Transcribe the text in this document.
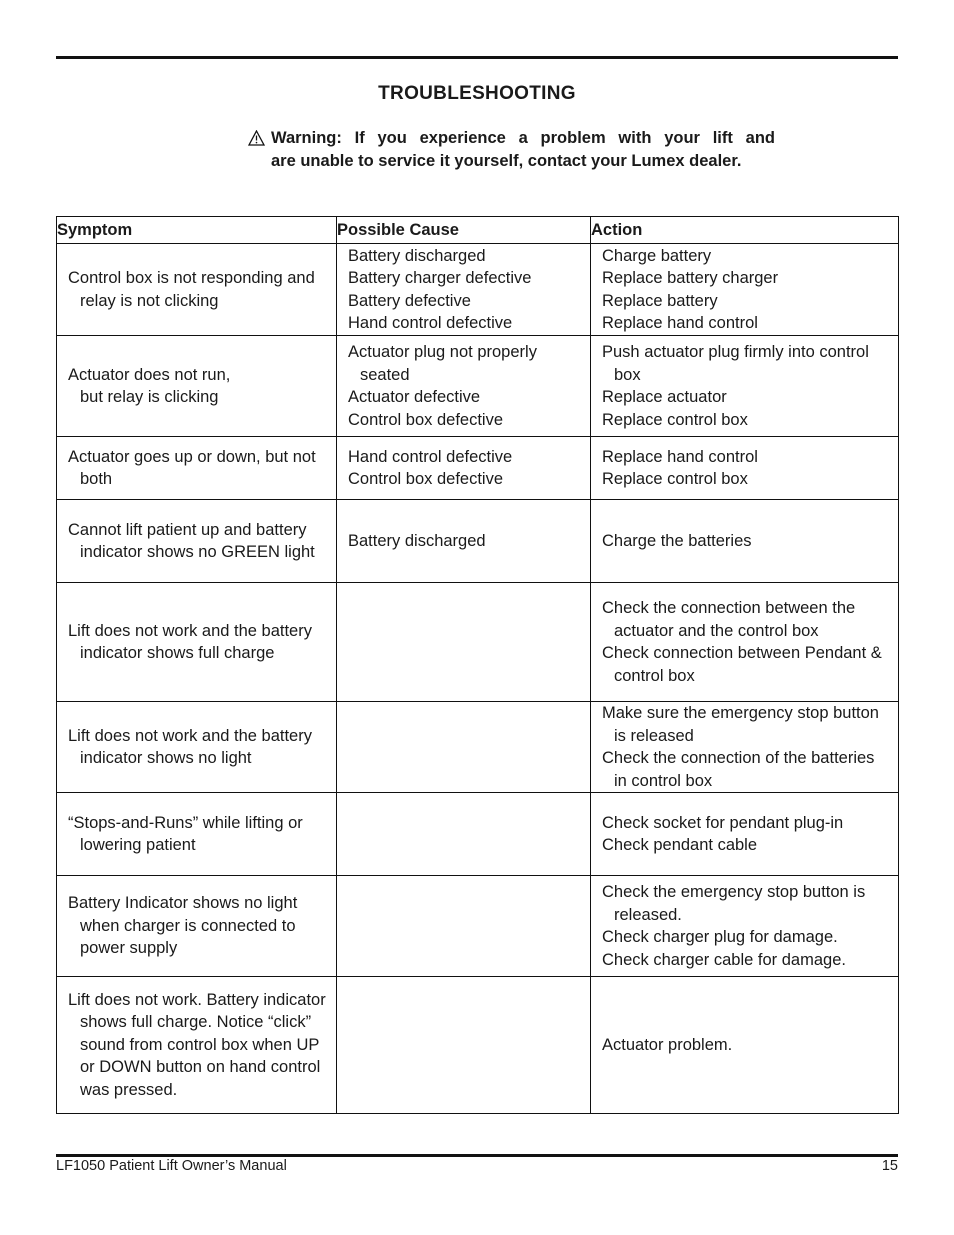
TROUBLESHOOTING
Warning: If you experience a problem with your lift and
are unable to service it yourself, contact your Lumex dealer.
Symptom	Possible Cause	Action

Control box is not responding and
relay is not clicking	Battery discharged
Battery charger defective
Battery defective
Hand control defective	Charge battery
Replace battery charger
Replace battery
Replace hand control

Actuator does not run,
but relay is clicking	Actuator plug not properly
seated
Actuator defective
Control box defective	Push actuator plug firmly into control
box
Replace actuator
Replace control box

Actuator goes up or down, but not
both	Hand control defective
Control box defective	Replace hand control
Replace control box

Cannot lift patient up and battery
indicator shows no GREEN light	Battery discharged	Charge the batteries

Lift does not work and the battery
indicator shows full charge		Check the connection between the
actuator and the control box
Check connection between Pendant &
control box

Lift does not work and the battery
indicator shows no light		Make sure the emergency stop button
is released
Check the connection of the batteries
in control box

“Stops-and-Runs” while lifting or
lowering patient		Check socket for pendant plug-in
Check pendant cable

Battery Indicator shows no light
when charger is connected to
power supply		Check the emergency stop button is
released.
Check charger plug for damage.
Check charger cable for damage.

Lift does not work. Battery indicator
shows full charge. Notice “click”
sound from control box when UP
or DOWN button on hand control
was pressed.		Actuator problem.
LF1050 Patient Lift Owner’s Manual	15
